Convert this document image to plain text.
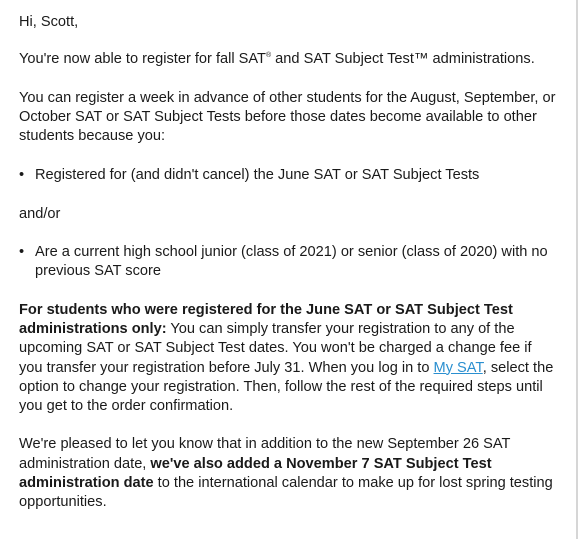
Hi, Scott,

You're now able to register for fall SAT® and SAT Subject Test™ administrations.

You can register a week in advance of other students for the August, September, or October SAT or SAT Subject Tests before those dates become available to other students because you:

• Registered for (and didn't cancel) the June SAT or SAT Subject Tests

and/or

• Are a current high school junior (class of 2021) or senior (class of 2020) with no previous SAT score

For students who were registered for the June SAT or SAT Subject Test administrations only: You can simply transfer your registration to any of the upcoming SAT or SAT Subject Test dates. You won't be charged a change fee if you transfer your registration before July 31. When you log in to My SAT, select the option to change your registration. Then, follow the rest of the required steps until you get to the order confirmation.

We're pleased to let you know that in addition to the new September 26 SAT administration date, we've also added a November 7 SAT Subject Test administration date to the international calendar to make up for lost spring testing opportunities.
